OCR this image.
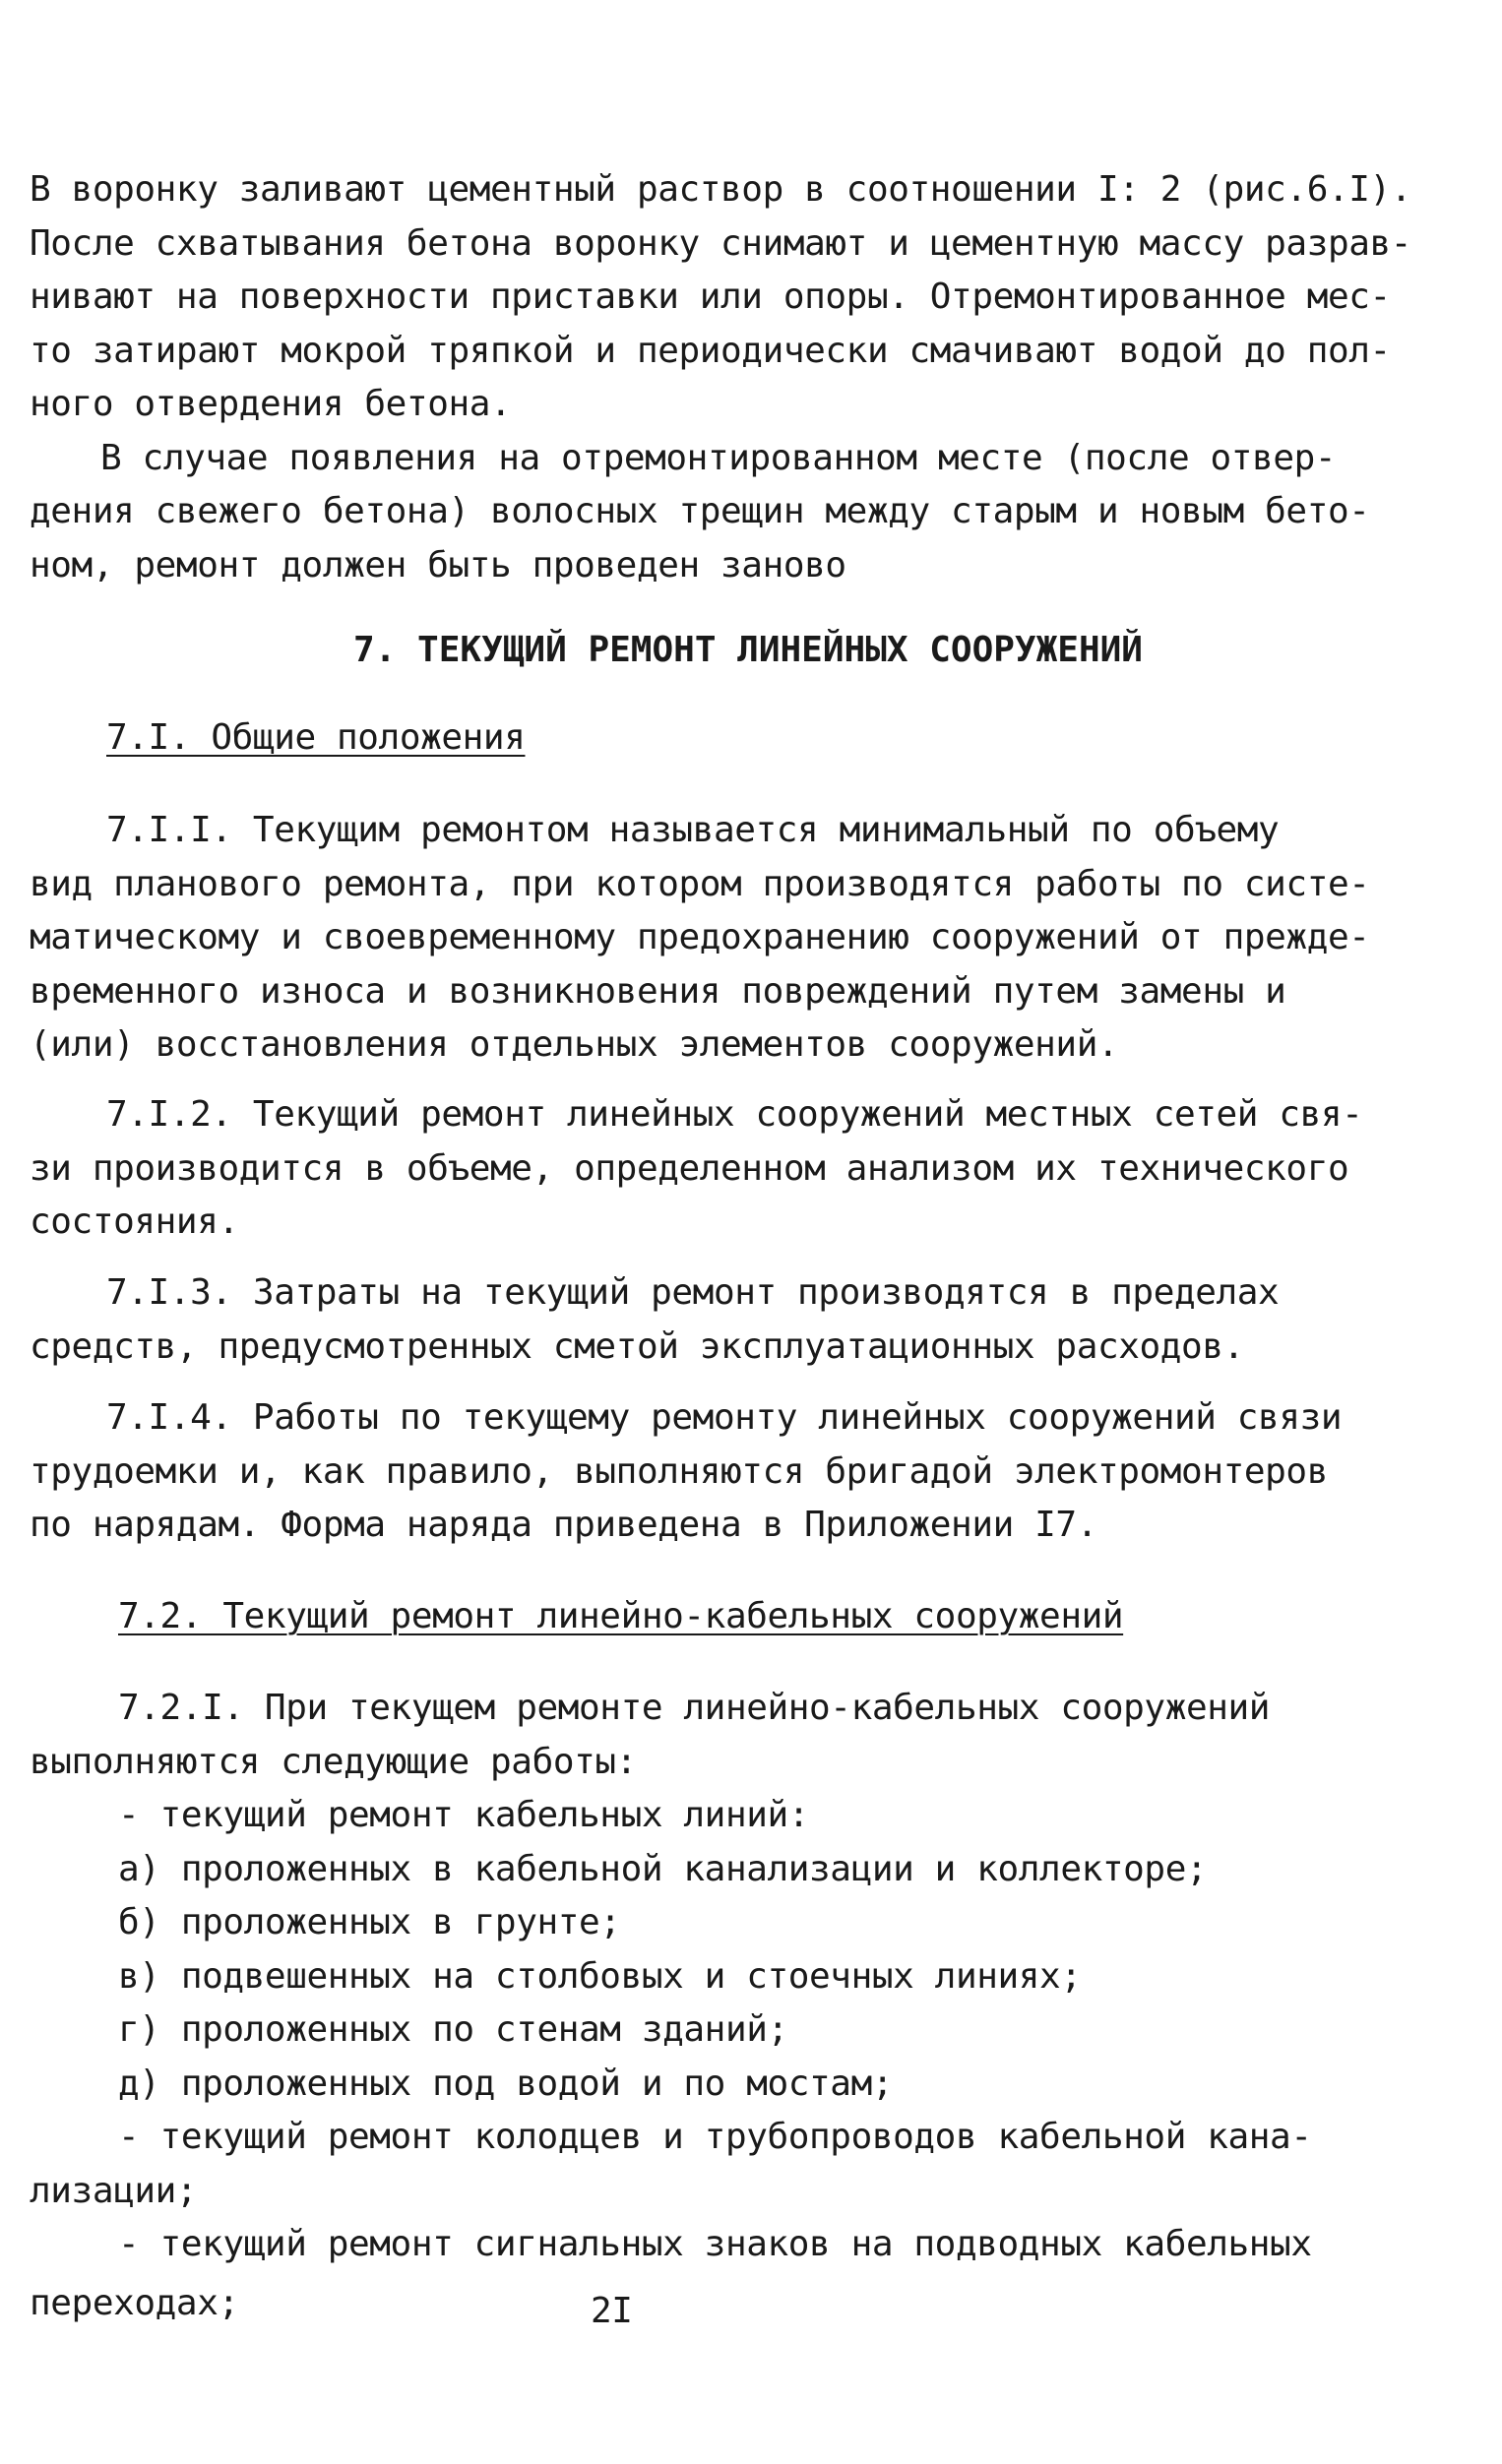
В воронку заливают цементный раствор в соотношении I: 2 (рис.6.I).
После схватывания бетона воронку снимают и цементную массу разрав-
нивают на поверхности приставки или опоры. Отремонтированное мес-
то затирают мокрой тряпкой и периодически смачивают водой до пол-
ного отвердения бетона.
В случае появления на отремонтированном месте (после отвер-
дения свежего бетона) волосных трещин между старым и новым бето-
ном, ремонт должен быть проведен заново
7. ТЕКУЩИЙ РЕМОНТ ЛИНЕЙНЫХ СООРУЖЕНИЙ
7.I. Общие положения
7.I.I. Текущим ремонтом называется минимальный по объему
вид планового ремонта, при котором производятся работы по систе-
матическому и своевременному предохранению сооружений от прежде-
временного износа и возникновения повреждений путем замены и
(или) восстановления отдельных элементов сооружений.
7.I.2. Текущий ремонт линейных сооружений местных сетей свя-
зи производится в объеме, определенном анализом их технического
состояния.
7.I.3. Затраты на текущий ремонт производятся в пределах
средств, предусмотренных сметой эксплуатационных расходов.
7.I.4. Работы по текущему ремонту линейных сооружений связи
трудоемки и, как правило, выполняются бригадой электромонтеров
по нарядам. Форма наряда приведена в Приложении I7.
7.2. Текущий ремонт линейно-кабельных сооружений
7.2.I. При текущем ремонте линейно-кабельных сооружений
выполняются следующие работы:
- текущий ремонт кабельных линий:
а) проложенных в кабельной канализации и коллекторе;
б) проложенных в грунте;
в) подвешенных на столбовых и стоечных линиях;
г) проложенных по стенам зданий;
д) проложенных под водой и по мостам;
- текущий ремонт колодцев и трубопроводов кабельной кана-
лизации;
- текущий ремонт сигнальных знаков на подводных кабельных
переходах;	2I
